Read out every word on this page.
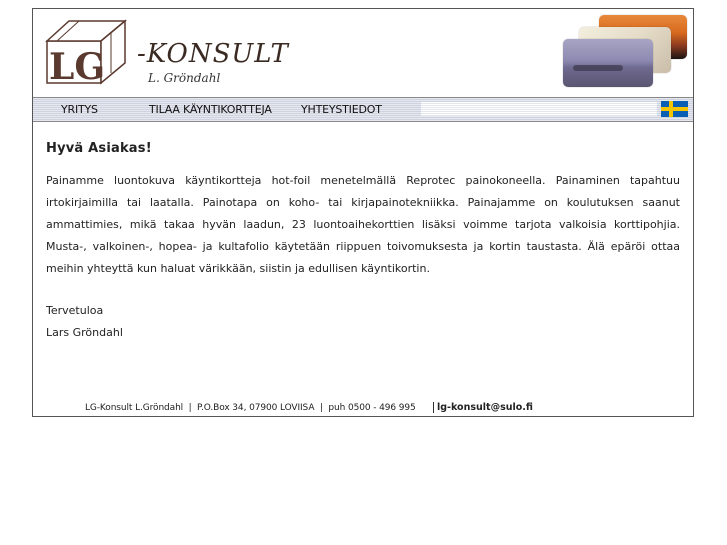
LG -KONSULT
L. Gröndahl
YRITYS	TILAA KÄYNTIKORTTEJA	YHTEYSTIEDOT
Hyvä Asiakas!

Painamme luontokuva käyntikortteja hot-foil menetelmällä Reprotec painokoneella. Painaminen tapahtuu irtokirjaimilla tai laatalla. Painotapa on koho- tai kirjapainotekniikka. Painajamme on koulutuksen saanut ammattimies, mikä takaa hyvän laadun, 23 luontoaihekorttien lisäksi voimme tarjota valkoisia korttipohjia. Musta-, valkoinen-, hopea- ja kultafolio käytetään riippuen toivomuksesta ja kortin taustasta. Älä epäröi ottaa meihin yhteyttä kun haluat värikkään, siistin ja edullisen käyntikortin.

Tervetuloa
Lars Gröndahl
LG-Konsult L.Gröndahl  |  P.O.Box 34, 07900 LOVIISA  |  puh 0500 - 496 995	lg-konsult@sulo.fi
